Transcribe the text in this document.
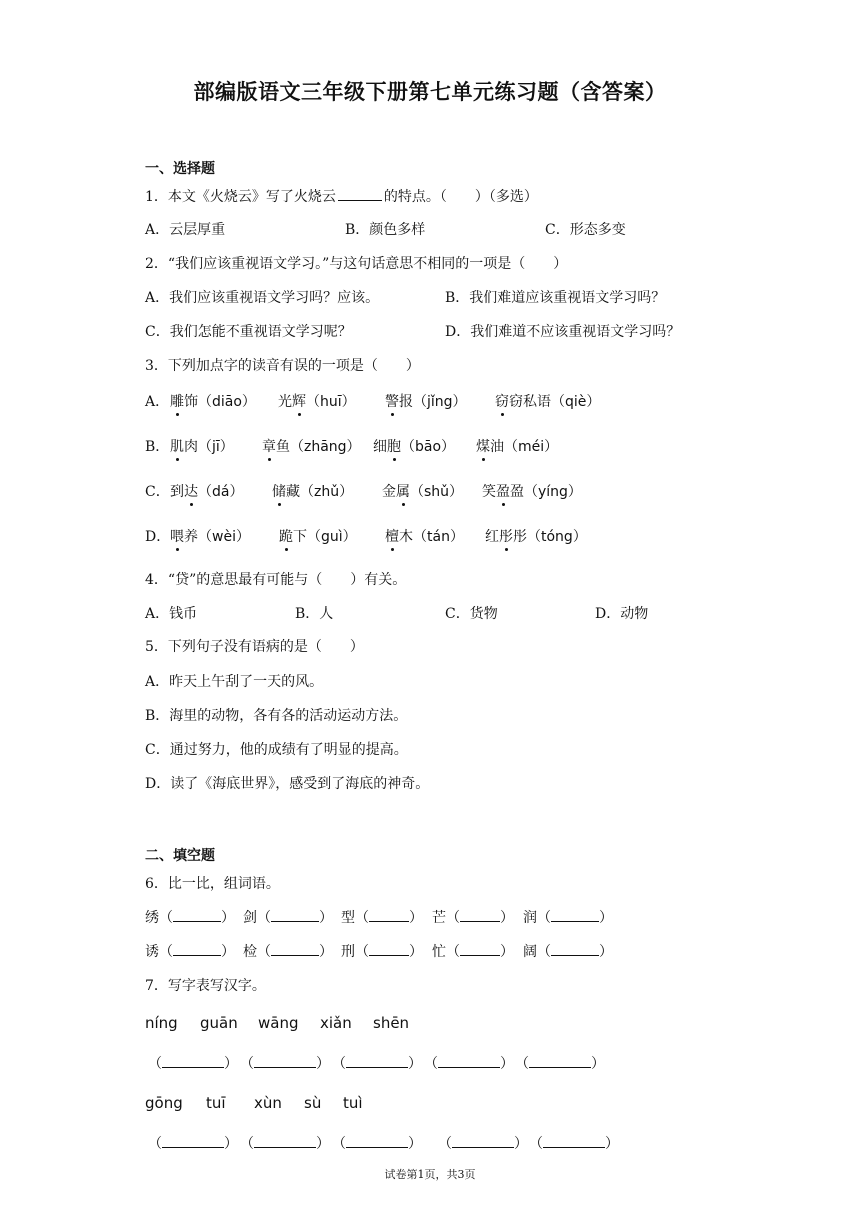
部编版语文三年级下册第七单元练习题（含答案）
一、选择题
1．本文《火烧云》写了火烧云	的特点。（　　）（多选）
A．云层厚重	B．颜色多样	C．形态多变
2．“我们应该重视语文学习。”与这句话意思不相同的一项是（　　）
A．我们应该重视语文学习吗？应该。	B．我们难道应该重视语文学习吗？
C．我们怎能不重视语文学习呢？	D．我们难道不应该重视语文学习吗？
3．下列加点字的读音有误的一项是（　　）
A． 雕饰（diāo） 光辉（huī） 警报（jǐng） 窃窃私语（qiè）
B． 肌肉（jī） 章鱼（zhāng） 细胞（bāo） 煤油（méi）
C． 到达（dá） 储藏（zhǔ） 金属（shǔ） 笑盈盈（yíng）
D． 喂养（wèi） 跪下（guì） 檀木（tán） 红彤彤（tóng）
4．“贷”的意思最有可能与（　　）有关。
A．钱币	B．人	C．货物	D．动物
5．下列句子没有语病的是（　　）
A．昨天上午刮了一天的风。
B．海里的动物，各有各的活动运动方法。
C．通过努力，他的成绩有了明显的提高。
D．读了《海底世界》，感受到了海底的神奇。
二、填空题
6．比一比，组词语。
绣（	） 剑（	） 型（	） 芒（	） 润（	）
诱（	） 检（	） 刑（	） 忙（	） 阔（	）
7．写字表写汉字。
níng guān wāng xiǎn shēn
（	） （	） （	） （	） （	）
gōng tuī xùn sù tuì
（	） （	） （	） （	） （	）
试卷第1页，共3页
